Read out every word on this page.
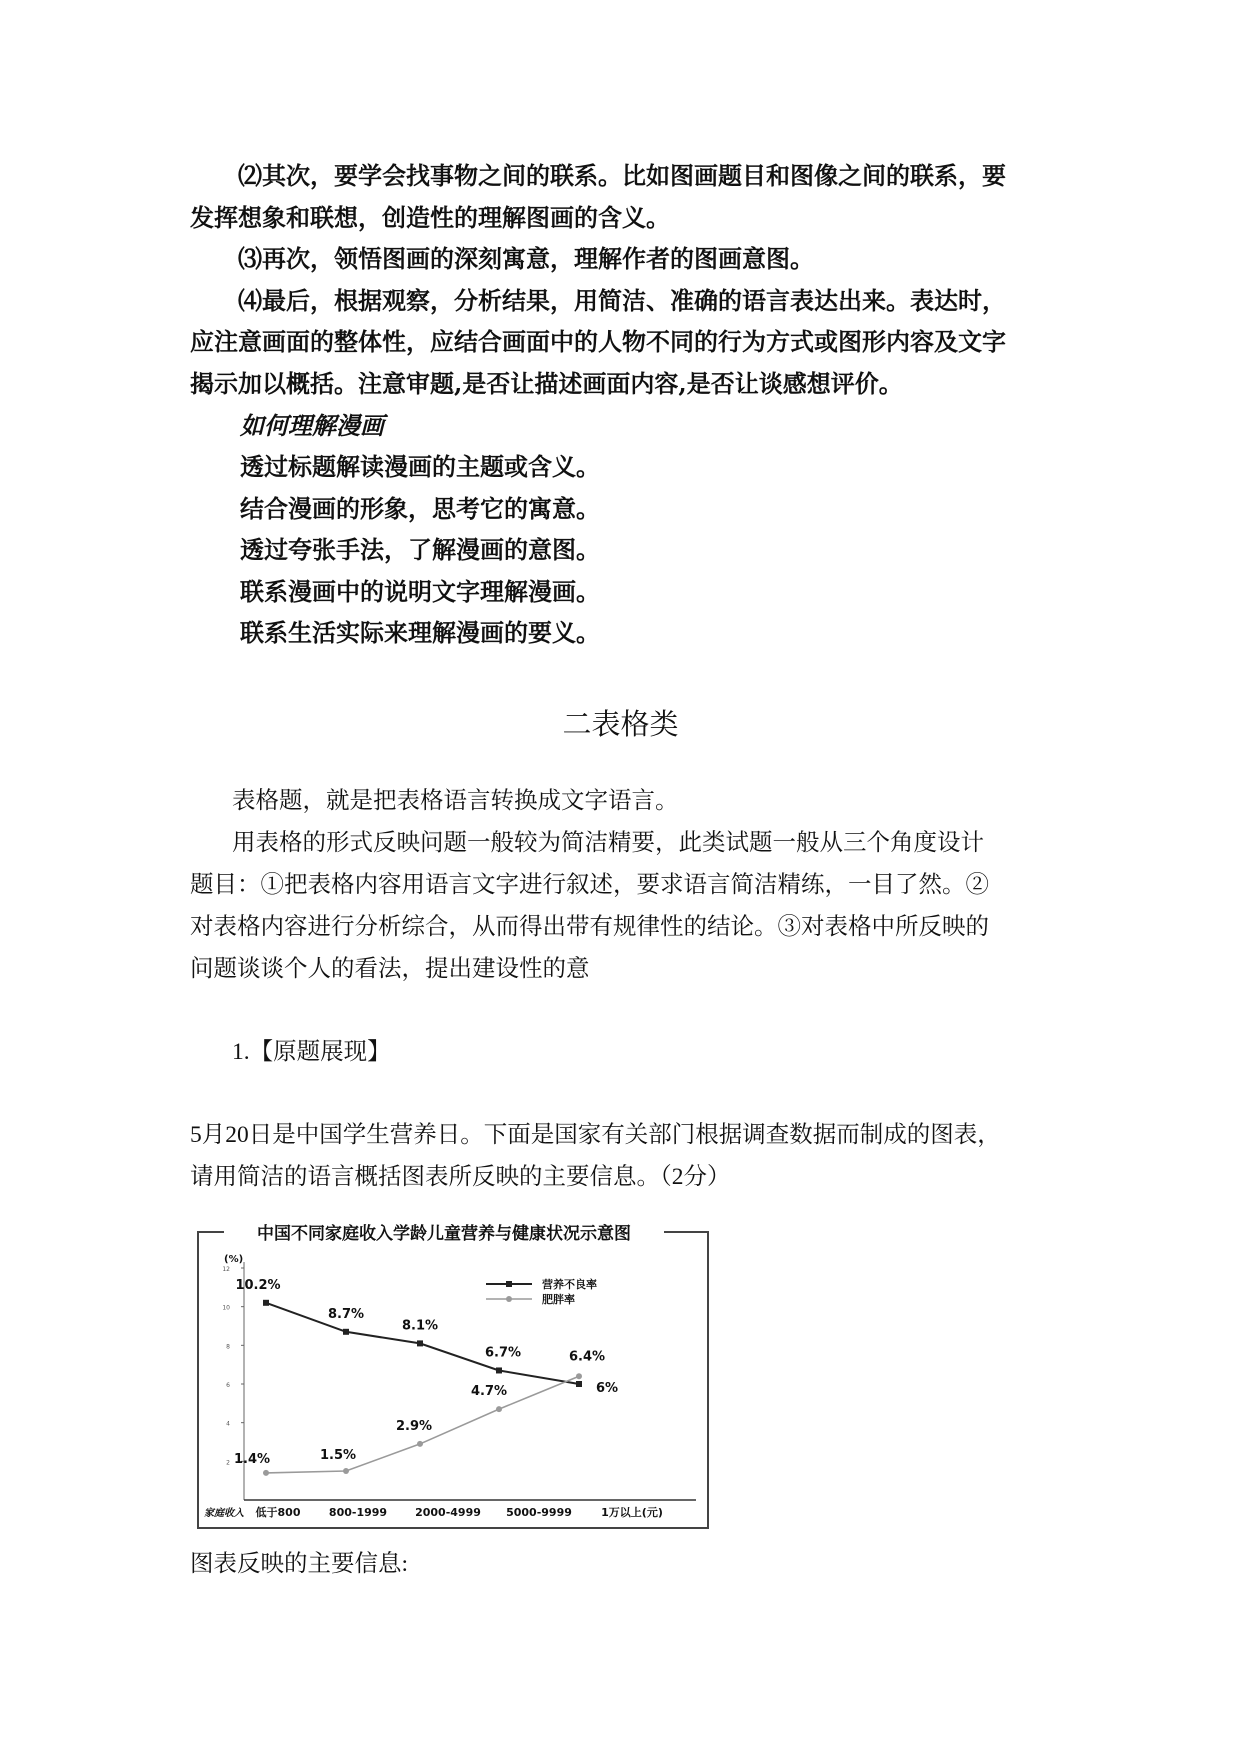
⑵其次，要学会找事物之间的联系。比如图画题目和图像之间的联系，要
发挥想象和联想，创造性的理解图画的含义。
⑶再次，领悟图画的深刻寓意，理解作者的图画意图。
⑷最后，根据观察，分析结果，用简洁、准确的语言表达出来。表达时，
应注意画面的整体性，应结合画面中的人物不同的行为方式或图形内容及文字
揭示加以概括。注意审题,是否让描述画面内容,是否让谈感想评价。
如何理解漫画
透过标题解读漫画的主题或含义。
结合漫画的形象，思考它的寓意。
透过夸张手法，了解漫画的意图。
联系漫画中的说明文字理解漫画。
联系生活实际来理解漫画的要义。
二表格类
表格题，就是把表格语言转换成文字语言。
用表格的形式反映问题一般较为简洁精要，此类试题一般从三个角度设计
题目：①把表格内容用语言文字进行叙述，要求语言简洁精练，一目了然。②
对表格内容进行分析综合，从而得出带有规律性的结论。③对表格中所反映的
问题谈谈个人的看法，提出建设性的意
1.【原题展现】
5月20日是中国学生营养日。下面是国家有关部门根据调查数据而制成的图表，
请用简洁的语言概括图表所反映的主要信息。（2分）
中国不同家庭收入学龄儿童营养与健康状况示意图
(%)
家庭收入
2
4
6
8
10
12
低于800	800-1999	2000-4999 5000-9999	1万以上(元)
10.2%
8.7%
8.1%
6.7%
6%
1.4%	1.5%
2.9%
4.7%
6.4%
营养不良率
肥胖率
图表反映的主要信息:
